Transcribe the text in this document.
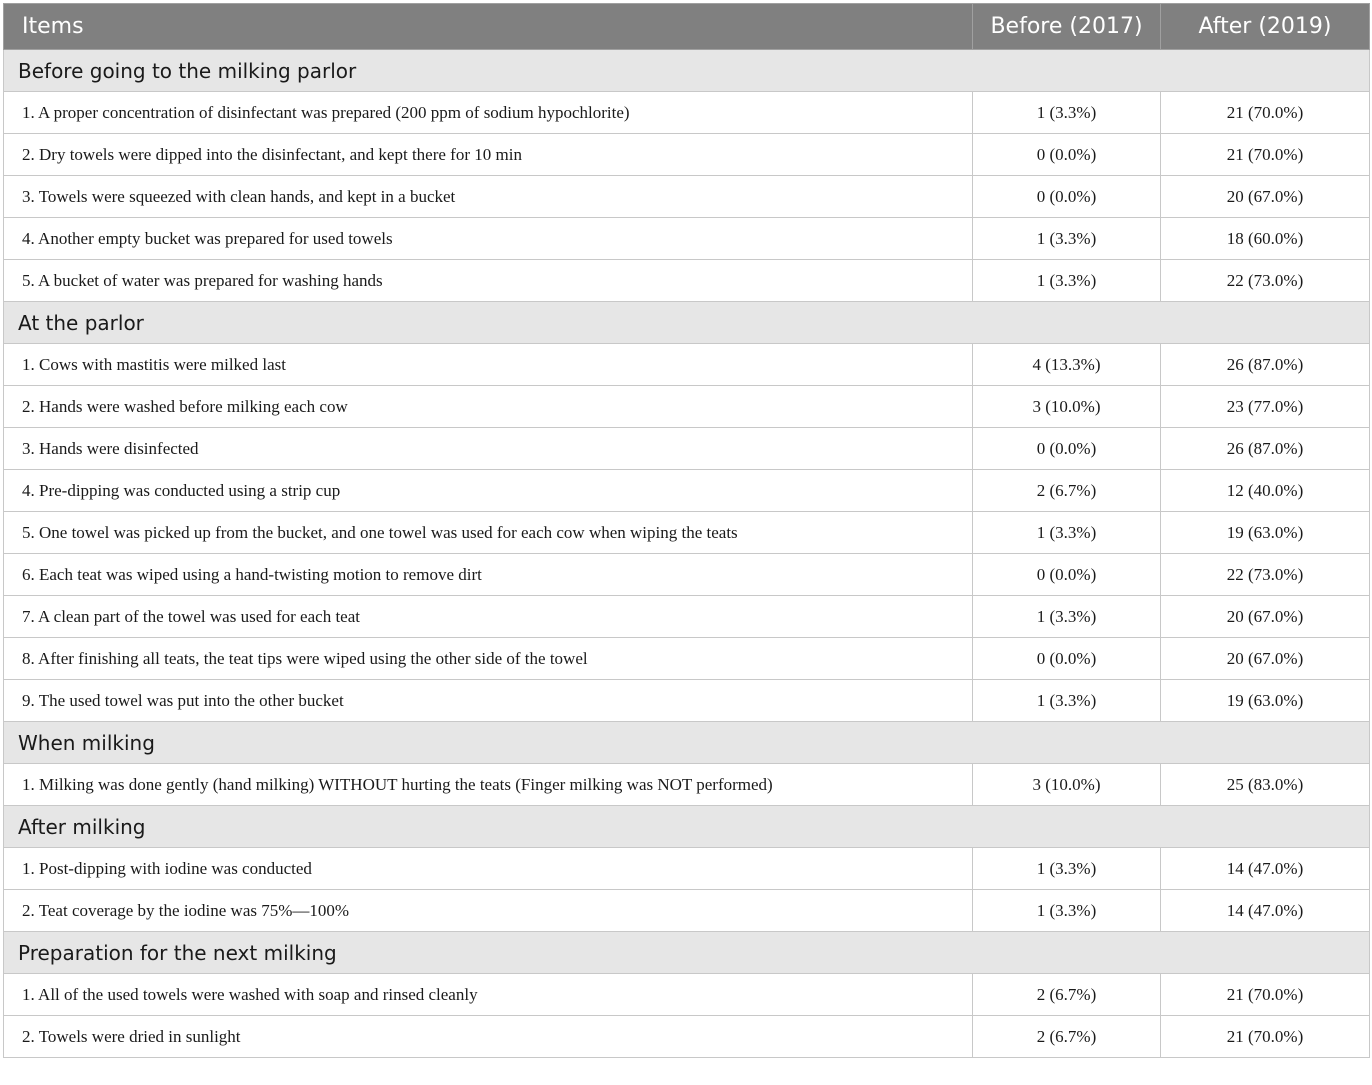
Items	Before (2017)	After (2019)
Before going to the milking parlor		
1. A proper concentration of disinfectant was prepared (200 ppm of sodium hypochlorite)	1 (3.3%)	21 (70.0%)
2. Dry towels were dipped into the disinfectant, and kept there for 10 min	0 (0.0%)	21 (70.0%)
3. Towels were squeezed with clean hands, and kept in a bucket	0 (0.0%)	20 (67.0%)
4. Another empty bucket was prepared for used towels	1 (3.3%)	18 (60.0%)
5. A bucket of water was prepared for washing hands	1 (3.3%)	22 (73.0%)
At the parlor		
1. Cows with mastitis were milked last	4 (13.3%)	26 (87.0%)
2. Hands were washed before milking each cow	3 (10.0%)	23 (77.0%)
3. Hands were disinfected	0 (0.0%)	26 (87.0%)
4. Pre-dipping was conducted using a strip cup	2 (6.7%)	12 (40.0%)
5. One towel was picked up from the bucket, and one towel was used for each cow when wiping the teats	1 (3.3%)	19 (63.0%)
6. Each teat was wiped using a hand-twisting motion to remove dirt	0 (0.0%)	22 (73.0%)
7. A clean part of the towel was used for each teat	1 (3.3%)	20 (67.0%)
8. After finishing all teats, the teat tips were wiped using the other side of the towel	0 (0.0%)	20 (67.0%)
9. The used towel was put into the other bucket	1 (3.3%)	19 (63.0%)
When milking		
1. Milking was done gently (hand milking) WITHOUT hurting the teats (Finger milking was NOT performed)	3 (10.0%)	25 (83.0%)
After milking		
1. Post-dipping with iodine was conducted	1 (3.3%)	14 (47.0%)
2. Teat coverage by the iodine was 75%—100%	1 (3.3%)	14 (47.0%)
Preparation for the next milking		
1. All of the used towels were washed with soap and rinsed cleanly	2 (6.7%)	21 (70.0%)
2. Towels were dried in sunlight	2 (6.7%)	21 (70.0%)
